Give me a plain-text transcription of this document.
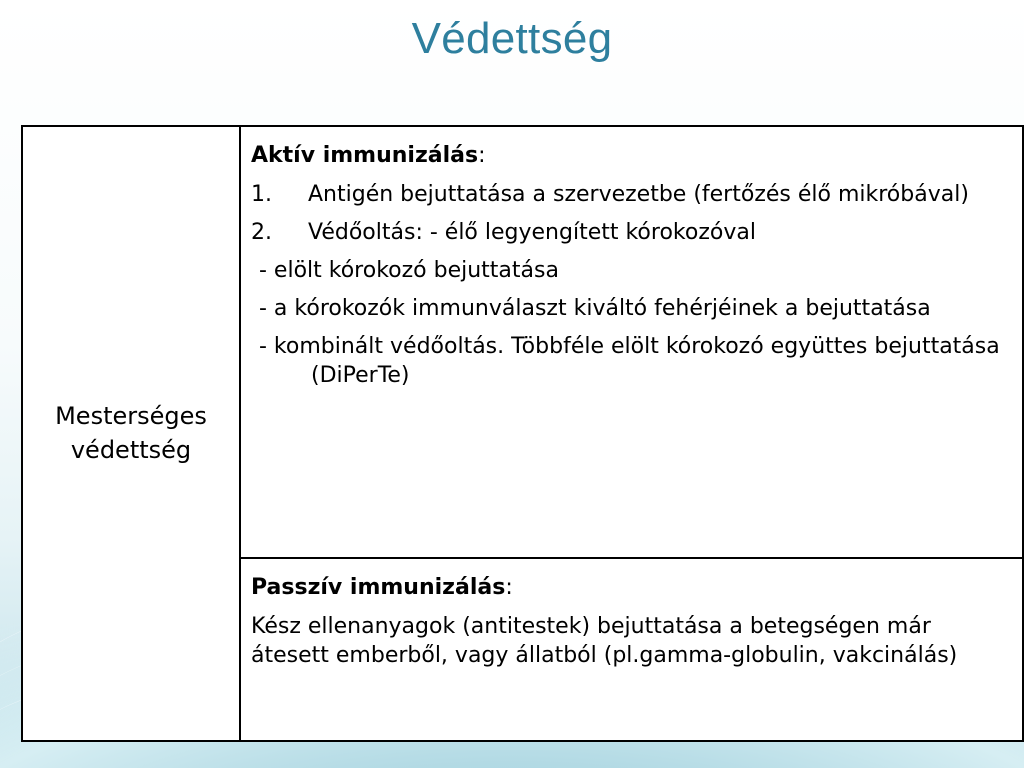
Védettség
Mesterséges védettség	
Aktív immunizálás:
1.	Antigén bejuttatása a szervezetbe (fertőzés élő mikróbával)
2.	Védőoltás: - élő legyengített kórokozóval
- elölt kórokozó bejuttatása
- a kórokozók immunválaszt kiváltó fehérjéinek a bejuttatása
- kombinált védőoltás. Többféle elölt kórokozó együttes bejuttatása (DiPerTe)

Passzív immunizálás:

Kész ellenanyagok (antitestek) bejuttatása a betegségen már átesett emberből, vagy állatból (pl.gamma-globulin, vakcinálás)
